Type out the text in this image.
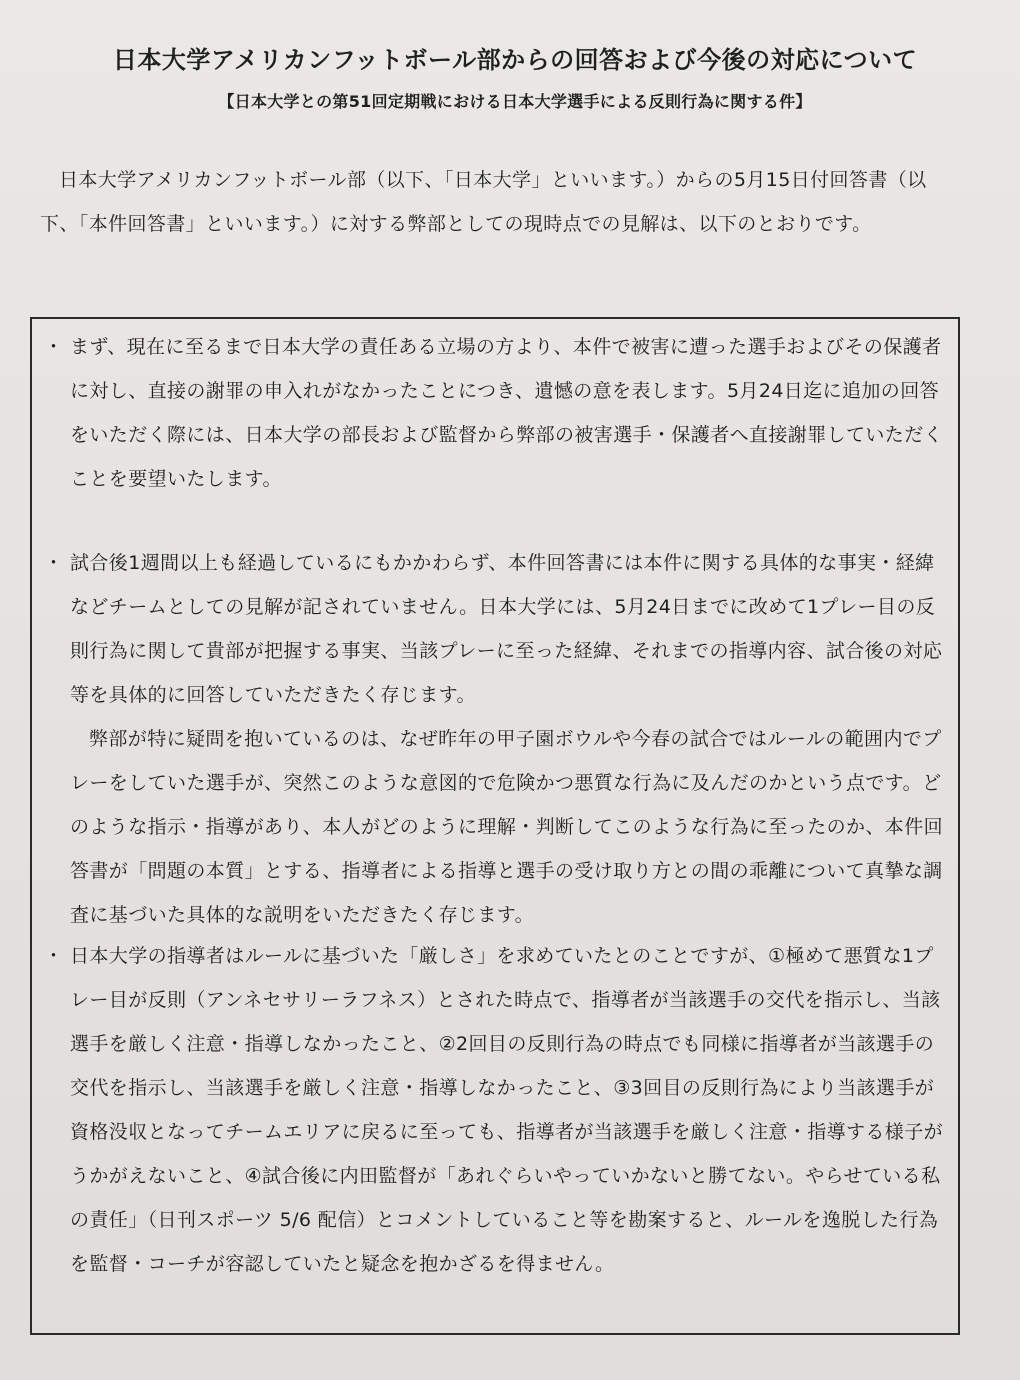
日本大学アメリカンフットボール部からの回答および今後の対応について
【日本大学との第51回定期戦における日本大学選手による反則行為に関する件】
日本大学アメリカンフットボール部（以下、「日本大学」といいます。）からの5月15日付回答書（以下、「本件回答書」といいます。）に対する弊部としての現時点での見解は、以下のとおりです。
・ まず、現在に至るまで日本大学の責任ある立場の方より、本件で被害に遭った選手およびその保護者に対し、直接の謝罪の申入れがなかったことにつき、遺憾の意を表します。5月24日迄に追加の回答をいただく際には、日本大学の部長および監督から弊部の被害選手・保護者へ直接謝罪していただくことを要望いたします。
・ 試合後1週間以上も経過しているにもかかわらず、本件回答書には本件に関する具体的な事実・経緯などチームとしての見解が記されていません。日本大学には、5月24日までに改めて1プレー目の反則行為に関して貴部が把握する事実、当該プレーに至った経緯、それまでの指導内容、試合後の対応等を具体的に回答していただきたく存じます。
弊部が特に疑問を抱いているのは、なぜ昨年の甲子園ボウルや今春の試合ではルールの範囲内でプレーをしていた選手が、突然このような意図的で危険かつ悪質な行為に及んだのかという点です。どのような指示・指導があり、本人がどのように理解・判断してこのような行為に至ったのか、本件回答書が「問題の本質」とする、指導者による指導と選手の受け取り方との間の乖離について真摯な調査に基づいた具体的な説明をいただきたく存じます。
・ 日本大学の指導者はルールに基づいた「厳しさ」を求めていたとのことですが、①極めて悪質な1プレー目が反則（アンネセサリーラフネス）とされた時点で、指導者が当該選手の交代を指示し、当該選手を厳しく注意・指導しなかったこと、②2回目の反則行為の時点でも同様に指導者が当該選手の交代を指示し、当該選手を厳しく注意・指導しなかったこと、③3回目の反則行為により当該選手が資格没収となってチームエリアに戻るに至っても、指導者が当該選手を厳しく注意・指導する様子がうかがえないこと、④試合後に内田監督が「あれぐらいやっていかないと勝てない。やらせている私の責任」（日刊スポーツ 5/6 配信）とコメントしていること等を勘案すると、ルールを逸脱した行為を監督・コーチが容認していたと疑念を抱かざるを得ません。
